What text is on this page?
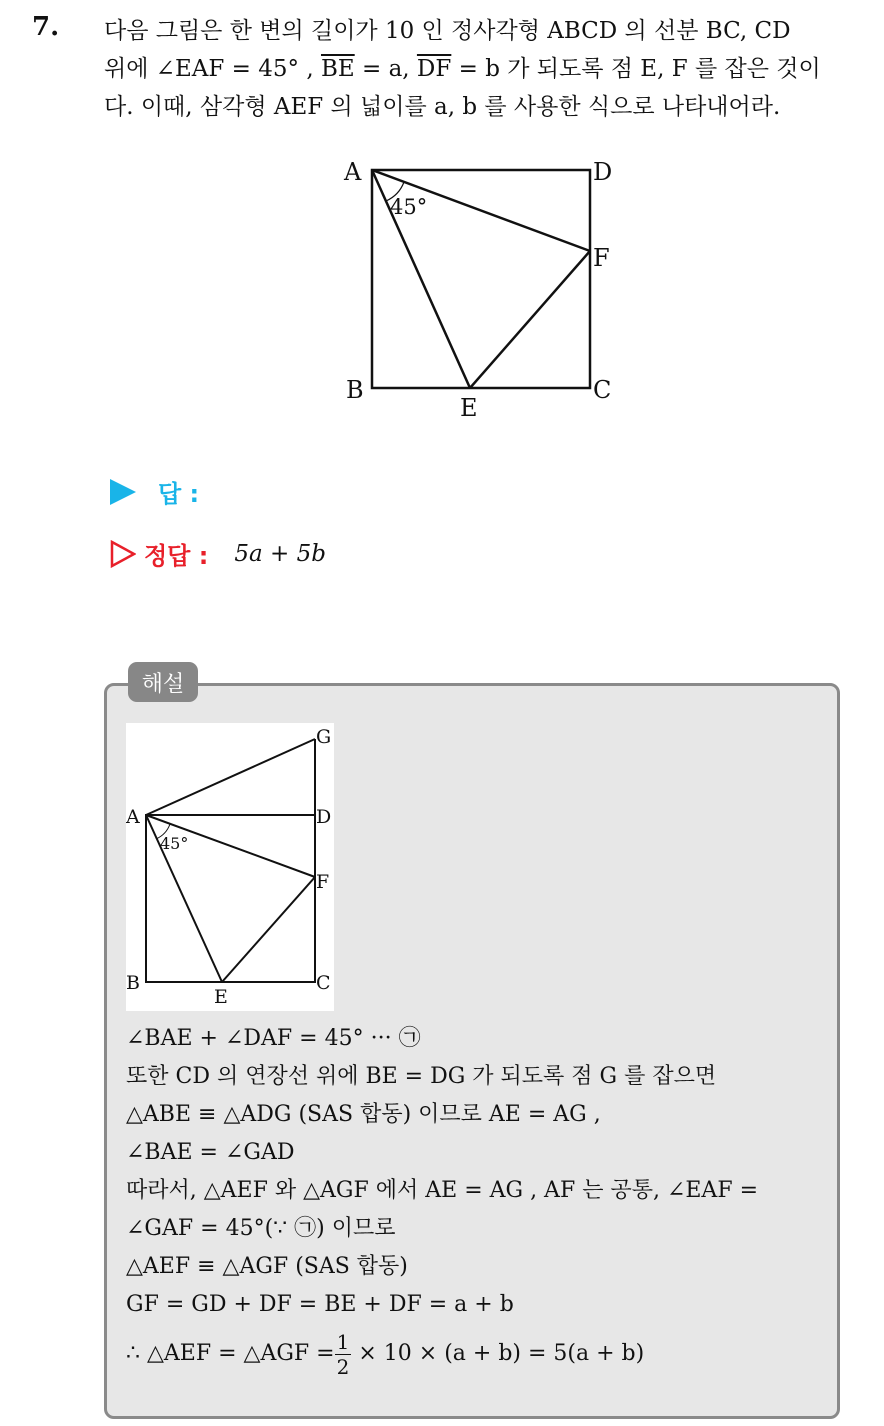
7. 다음 그림은 한 변의 길이가 10 인 정사각형 ABCD 의 선분 BC, CD
위에 ∠EAF = 45° , $\overline{BE} = a$, $\overline{DF} = b$ 가 되도록 점 E, F 를 잡은 것이
다. 이때, 삼각형 AEF 의 넓이를 a, b 를 사용한 식으로 나타내어라.
A	D
F
B	C
E
45°
답 :
정답 : 5a + 5b
해설
A
G
D
F
B	C
E
45°
∠BAE + ∠DAF = 45° ··· ㉠
또한 CD 의 연장선 위에 BE = DG 가 되도록 점 G 를 잡으면
△ABE ≡ △ADG (SAS 합동) 이므로 AE = AG ,
∠BAE = ∠GAD
따라서, △AEF 와 △AGF 에서 AE = AG , AF 는 공통, ∠EAF =
∠GAF = 45°(∵ ㉠) 이므로
△AEF ≡ △AGF (SAS 합동)
GF = GD + DF = BE + DF = a + b
∴ △AEF = △AGF = $\frac{1}{2} \times 10 \times (a + b) = 5(a + b)$
